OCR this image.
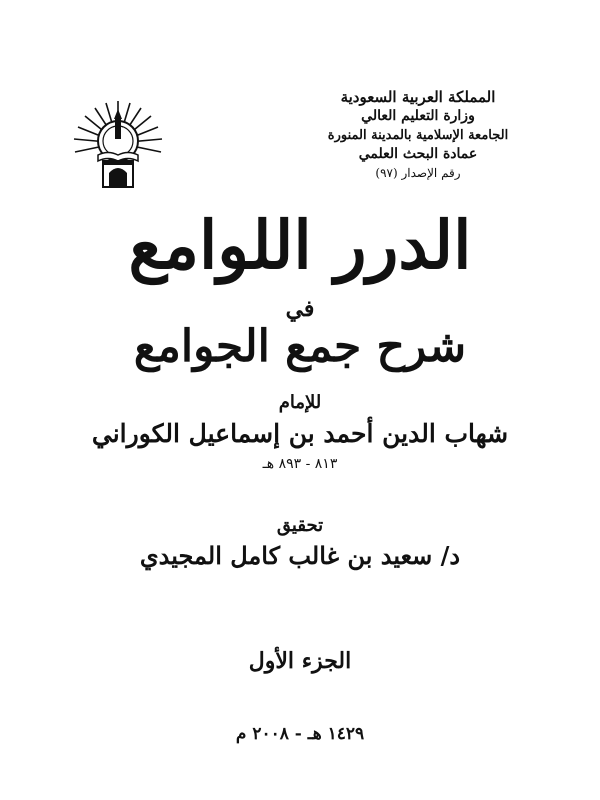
المملكة العربية السعودية
وزارة التعليم العالي
الجامعة الإسلامية بالمدينة المنورة
عمادة البحث العلمي
رقم الإصدار (٩٧)
الدرر اللوامع
في
شرح جمع الجوامع
للإمام
شهاب الدين أحمد بن إسماعيل الكوراني
٨١٣ - ٨٩٣ هـ
تحقيق
د/ سعيد بن غالب كامل المجيدي
الجزء الأول
١٤٢٩ هـ - ٢٠٠٨ م
